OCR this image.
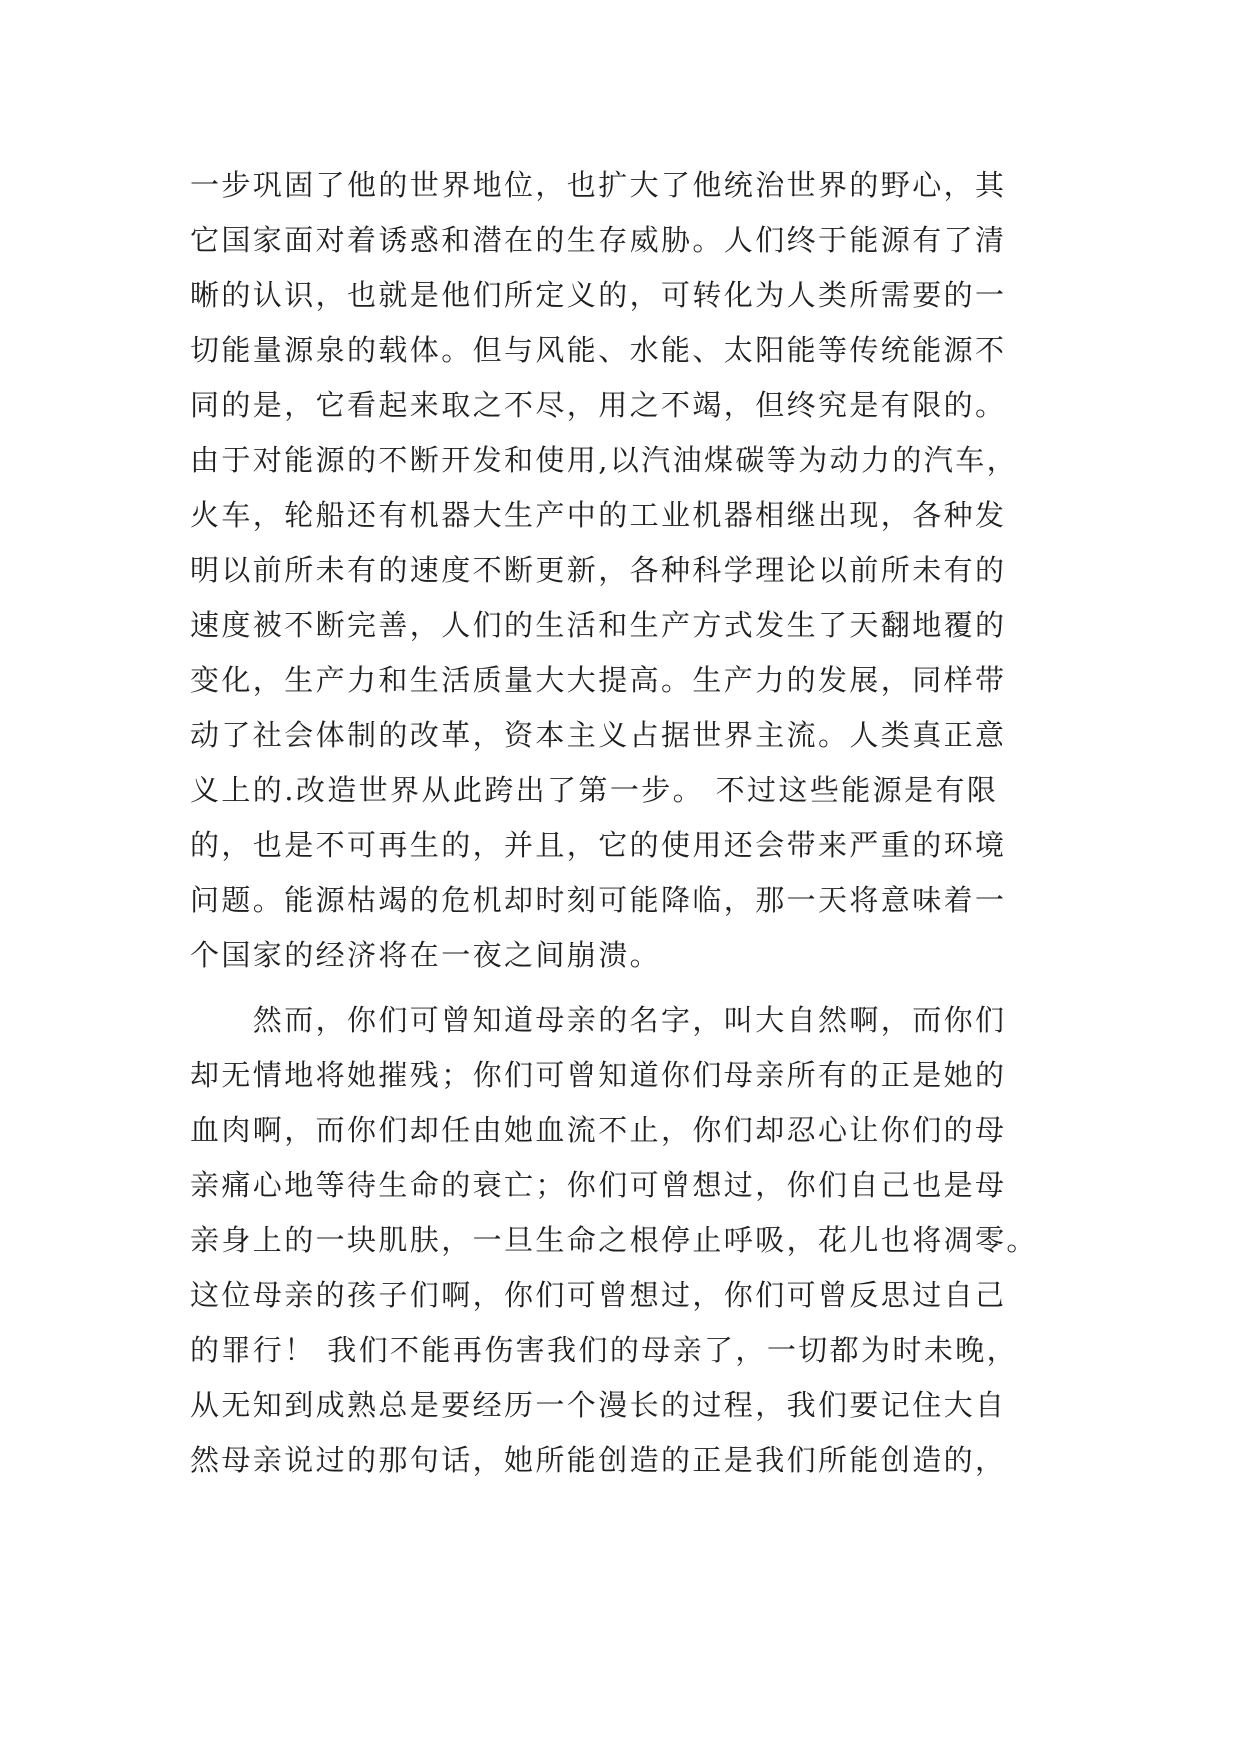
一步巩固了他的世界地位，也扩大了他统治世界的野心，其
它国家面对着诱惑和潜在的生存威胁。人们终于能源有了清
晰的认识，也就是他们所定义的，可转化为人类所需要的一
切能量源泉的载体。但与风能、水能、太阳能等传统能源不
同的是，它看起来取之不尽，用之不竭，但终究是有限的。
由于对能源的不断开发和使用,以汽油煤碳等为动力的汽车，
火车，轮船还有机器大生产中的工业机器相继出现，各种发
明以前所未有的速度不断更新，各种科学理论以前所未有的
速度被不断完善，人们的生活和生产方式发生了天翻地覆的
变化，生产力和生活质量大大提高。生产力的发展，同样带
动了社会体制的改革，资本主义占据世界主流。人类真正意
义上的.改造世界从此跨出了第一步。 不过这些能源是有限
的，也是不可再生的，并且，它的使用还会带来严重的环境
问题。能源枯竭的危机却时刻可能降临，那一天将意味着一
个国家的经济将在一夜之间崩溃。
　　然而，你们可曾知道母亲的名字，叫大自然啊，而你们
却无情地将她摧残；你们可曾知道你们母亲所有的正是她的
血肉啊，而你们却任由她血流不止，你们却忍心让你们的母
亲痛心地等待生命的衰亡；你们可曾想过，你们自己也是母
亲身上的一块肌肤，一旦生命之根停止呼吸，花儿也将凋零。
这位母亲的孩子们啊，你们可曾想过，你们可曾反思过自己
的罪行！ 我们不能再伤害我们的母亲了，一切都为时未晚，
从无知到成熟总是要经历一个漫长的过程，我们要记住大自
然母亲说过的那句话，她所能创造的正是我们所能创造的，
